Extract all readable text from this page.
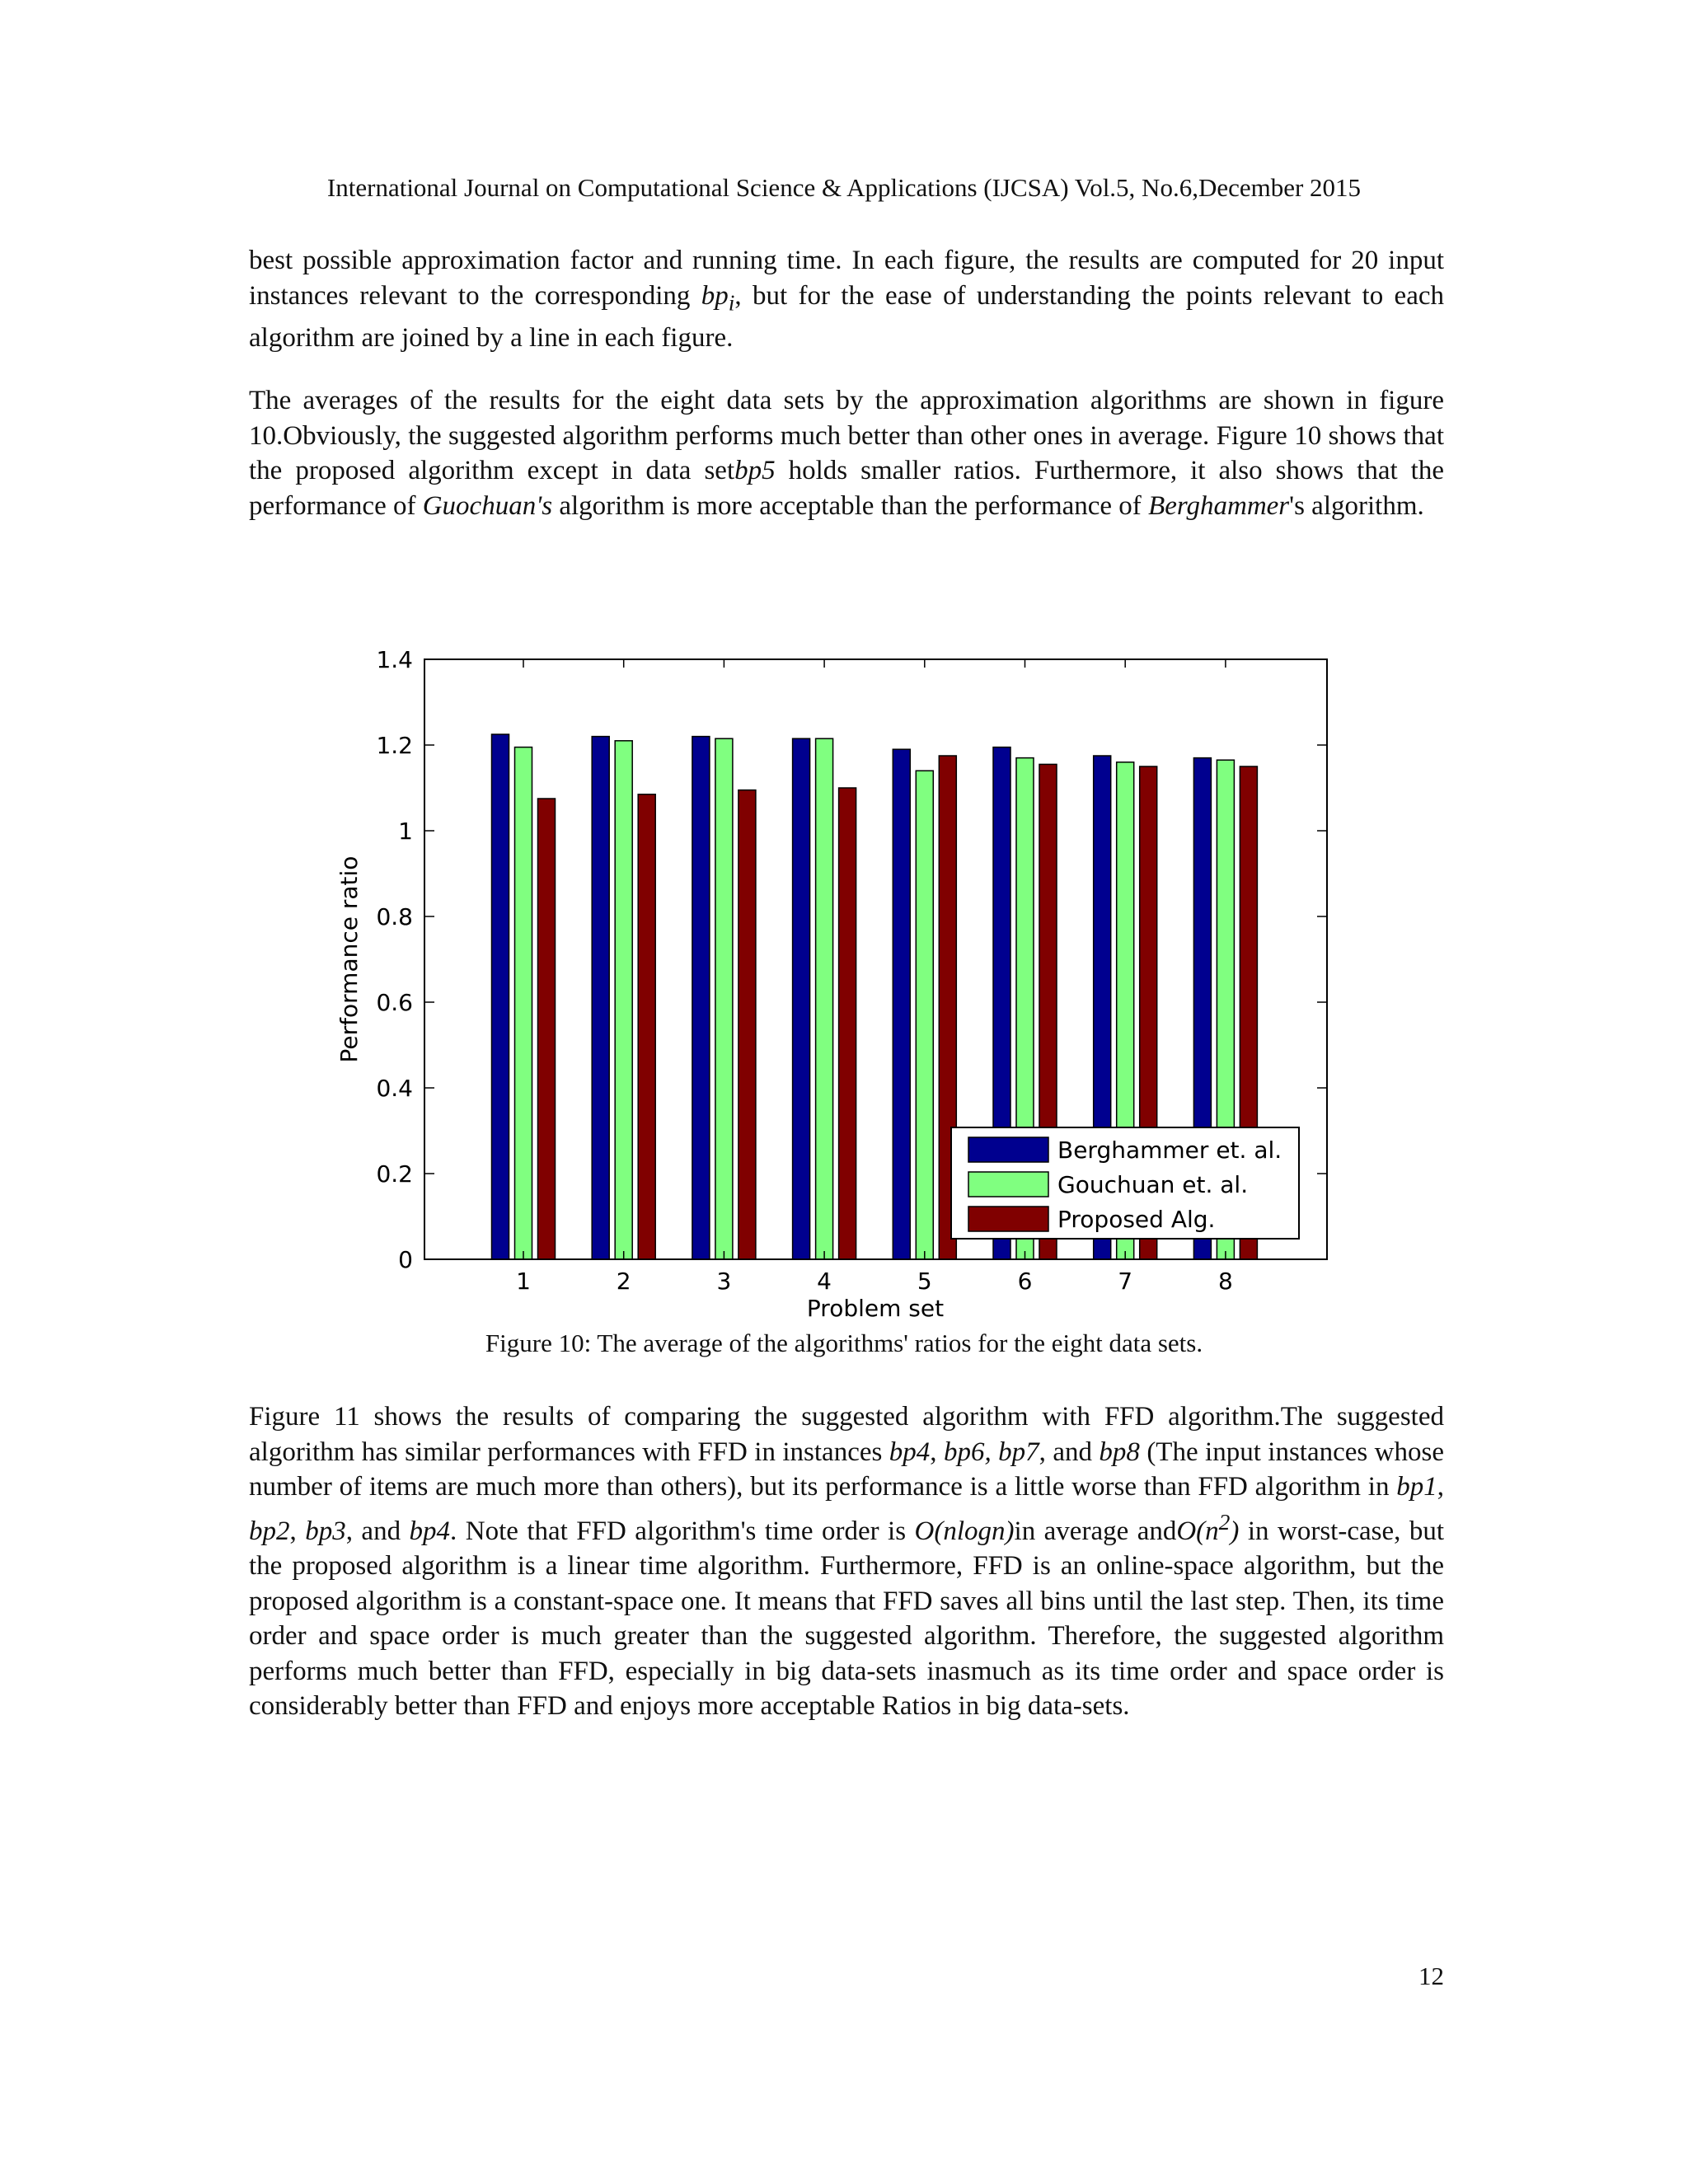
International Journal on Computational Science & Applications (IJCSA) Vol.5, No.6,December 2015

best possible approximation factor and running time. In each figure, the results are computed for 20 input instances relevant to the corresponding $bp_i$, but for the ease of understanding the points relevant to each algorithm are joined by a line in each figure.

The averages of the results for the eight data sets by the approximation algorithms are shown in figure 10.Obviously, the suggested algorithm performs much better than other ones in average. Figure 10 shows that the proposed algorithm except in data setbp5 holds smaller ratios. Furthermore, it also shows that the performance of Guochuan's algorithm is more acceptable than the performance of Berghammer's algorithm.

1	2	3	4	5	6	7	8
0
0.2
0.4
0.6
0.8
1
1.2
1.4
Problem set
Performance ratio
Berghammer et. al.
Gouchuan et. al.
Proposed Alg.
Figure 10: The average of the algorithms' ratios for the eight data sets.

Figure 11 shows the results of comparing the suggested algorithm with FFD algorithm.The suggested algorithm has similar performances with FFD in instances bp4, bp6, bp7, and bp8 (The input instances whose number of items are much more than others), but its performance is a little worse than FFD algorithm in bp1, bp2, bp3, and bp4. Note that FFD algorithm's time order is O(nlogn)in average $andO(n^2)$ in worst-case, but the proposed algorithm is a linear time algorithm. Furthermore, FFD is an online-space algorithm, but the proposed algorithm is a constant-space one. It means that FFD saves all bins until the last step. Then, its time order and space order is much greater than the suggested algorithm. Therefore, the suggested algorithm performs much better than FFD, especially in big data-sets inasmuch as its time order and space order is considerably better than FFD and enjoys more acceptable Ratios in big data-sets.

12
